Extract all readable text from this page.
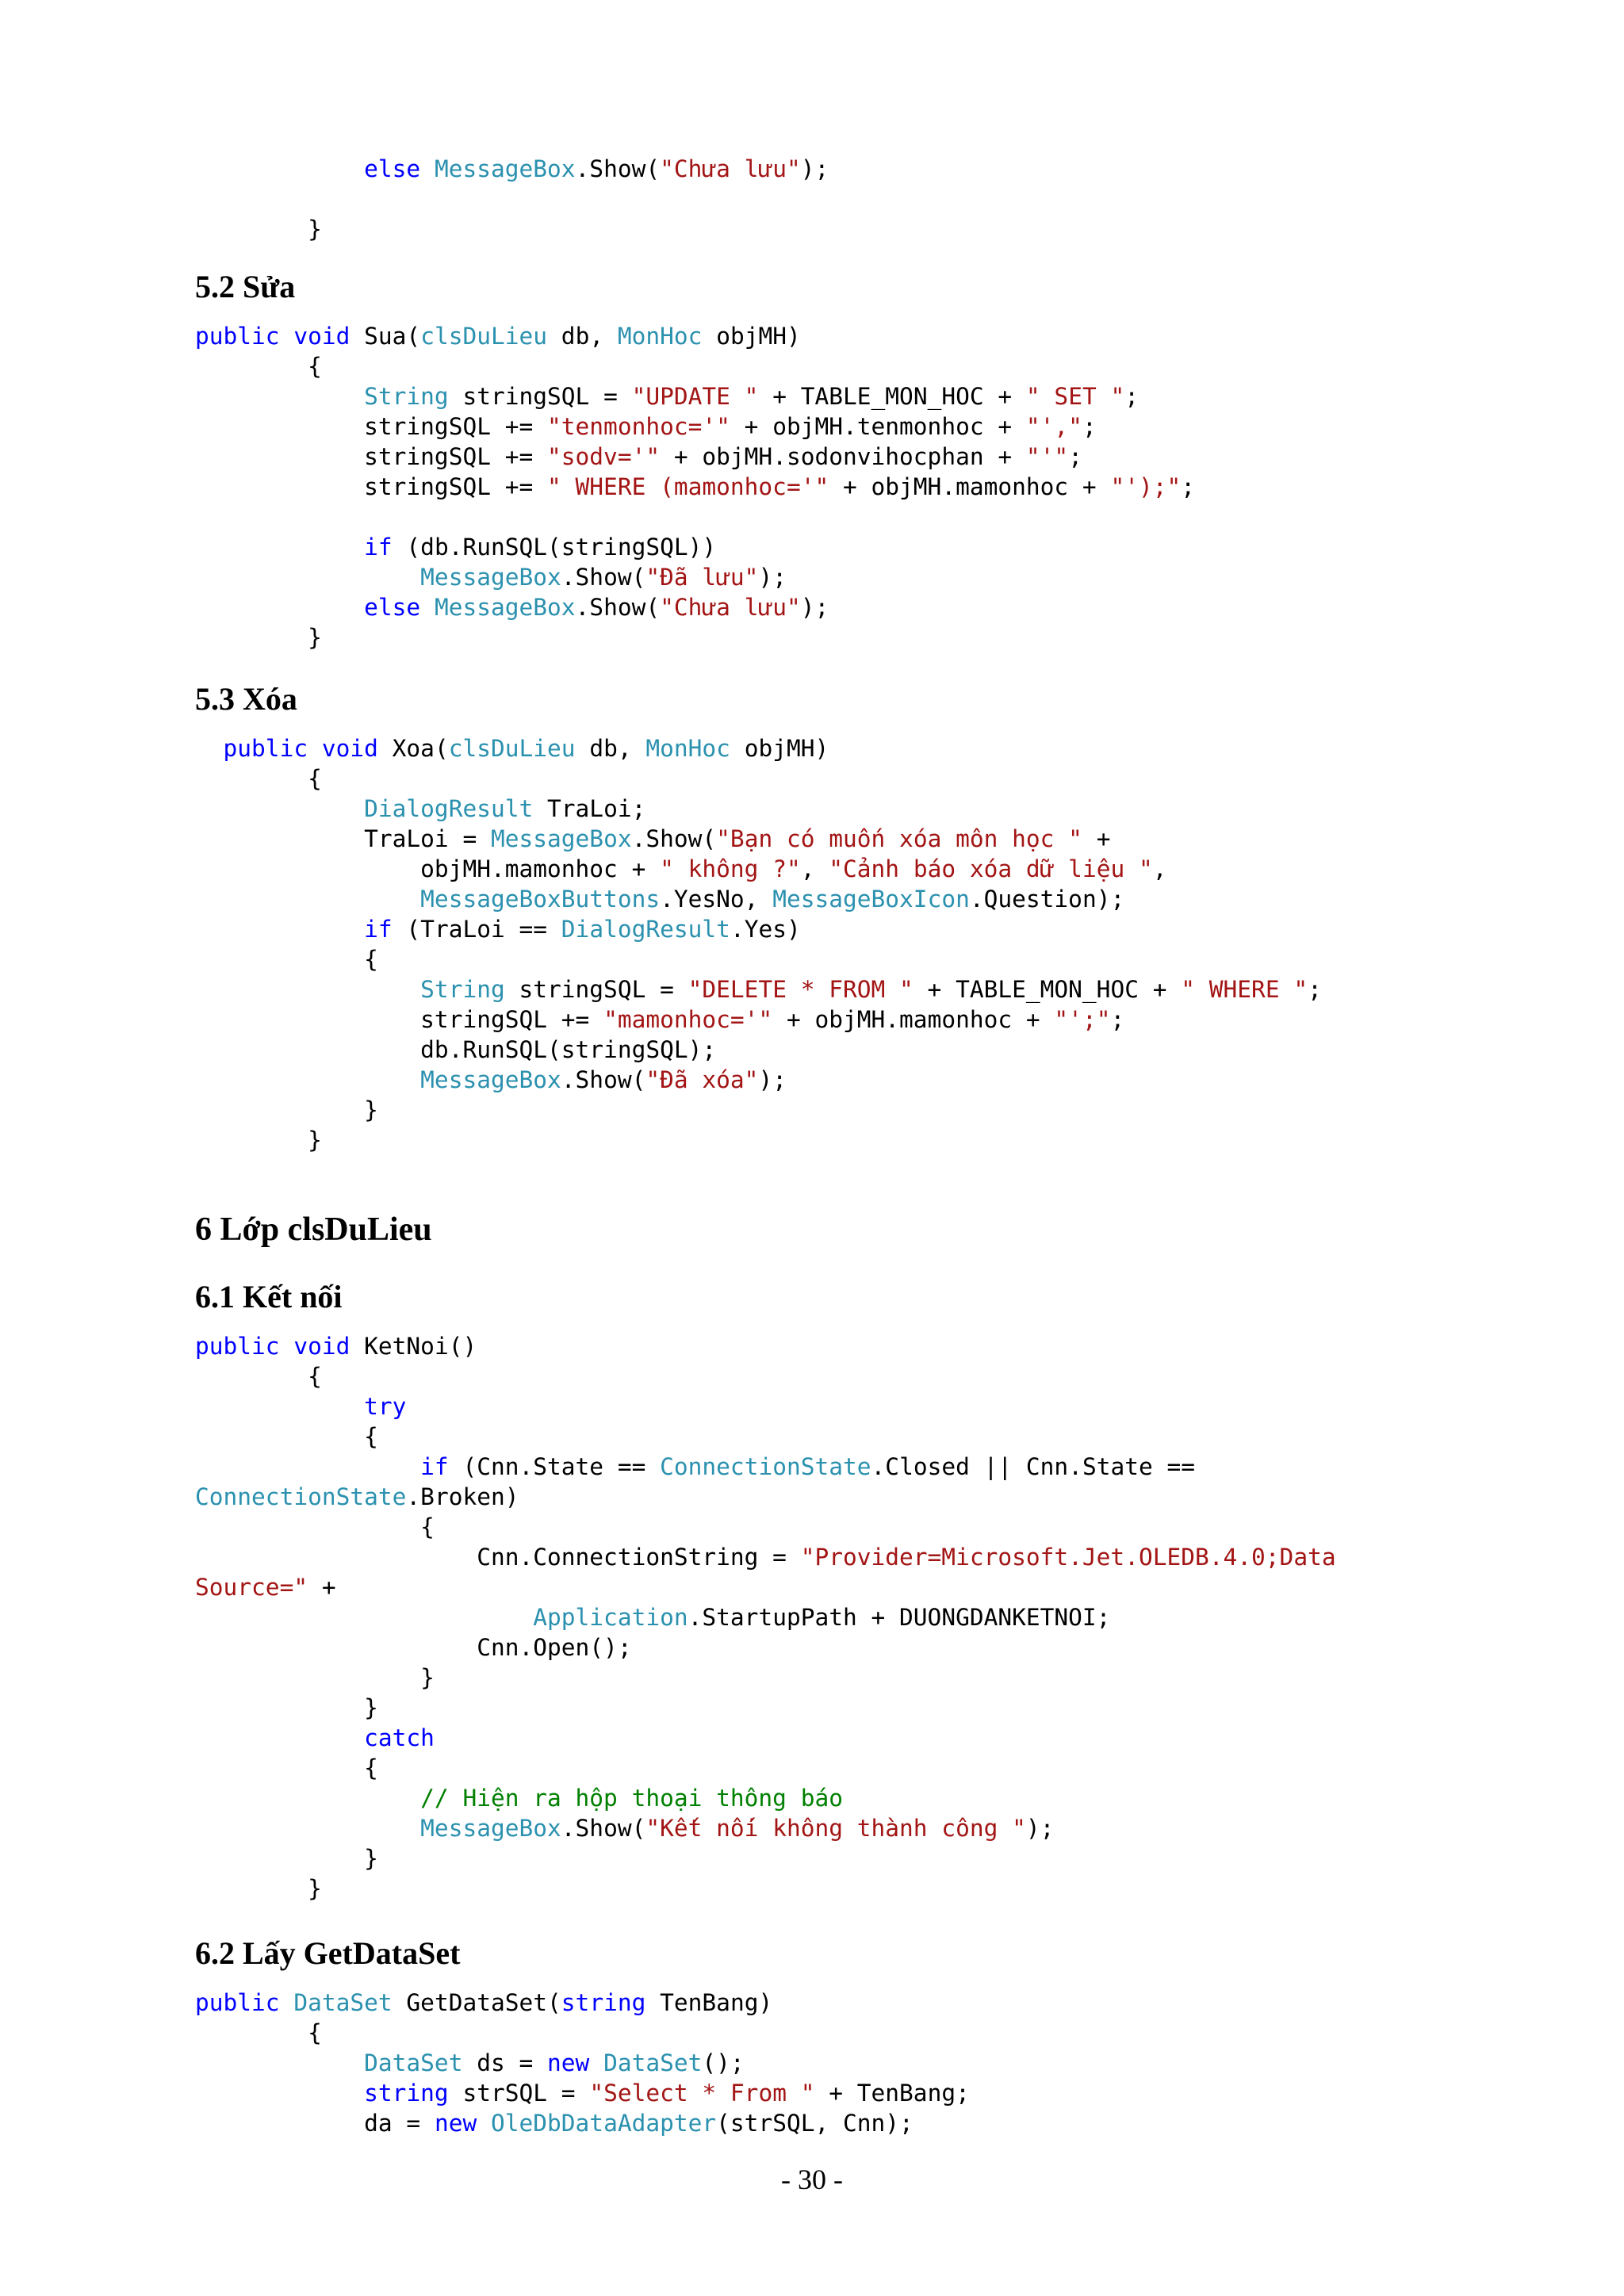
else MessageBox.Show("Chưa lưu");
}
5.2 Sửa
public void Sua(clsDuLieu db, MonHoc objMH)
{
String stringSQL = "UPDATE " + TABLE_MON_HOC + " SET ";
stringSQL += "tenmonhoc='" + objMH.tenmonhoc + "',";
stringSQL += "sodv='" + objMH.sodonvihocphan + "'";
stringSQL += " WHERE (mamonhoc='" + objMH.mamonhoc + "');";
if (db.RunSQL(stringSQL))
MessageBox.Show("Đã lưu");
else MessageBox.Show("Chưa lưu");
}
5.3 Xóa
public void Xoa(clsDuLieu db, MonHoc objMH)
{
DialogResult TraLoi;
TraLoi = MessageBox.Show("Bạn có muốn xóa môn học " +
objMH.mamonhoc + " không ?", "Cảnh báo xóa dữ liệu ",
MessageBoxButtons.YesNo, MessageBoxIcon.Question);
if (TraLoi == DialogResult.Yes)
{
String stringSQL = "DELETE * FROM " + TABLE_MON_HOC + " WHERE ";
stringSQL += "mamonhoc='" + objMH.mamonhoc + "';";
db.RunSQL(stringSQL);
MessageBox.Show("Đã xóa");
}
}
6 Lớp clsDuLieu
6.1 Kết nối
public void KetNoi()
{
try
{
if (Cnn.State == ConnectionState.Closed || Cnn.State ==
ConnectionState.Broken)
{
Cnn.ConnectionString = "Provider=Microsoft.Jet.OLEDB.4.0;Data
Source=" +
Application.StartupPath + DUONGDANKETNOI;
Cnn.Open();
}
}
catch
{
// Hiện ra hộp thoại thông báo
MessageBox.Show("Kết nối không thành công ");
}
}
6.2 Lấy GetDataSet
public DataSet GetDataSet(string TenBang)
{
DataSet ds = new DataSet();
string strSQL = "Select * From " + TenBang;
da = new OleDbDataAdapter(strSQL, Cnn);
- 30 -
